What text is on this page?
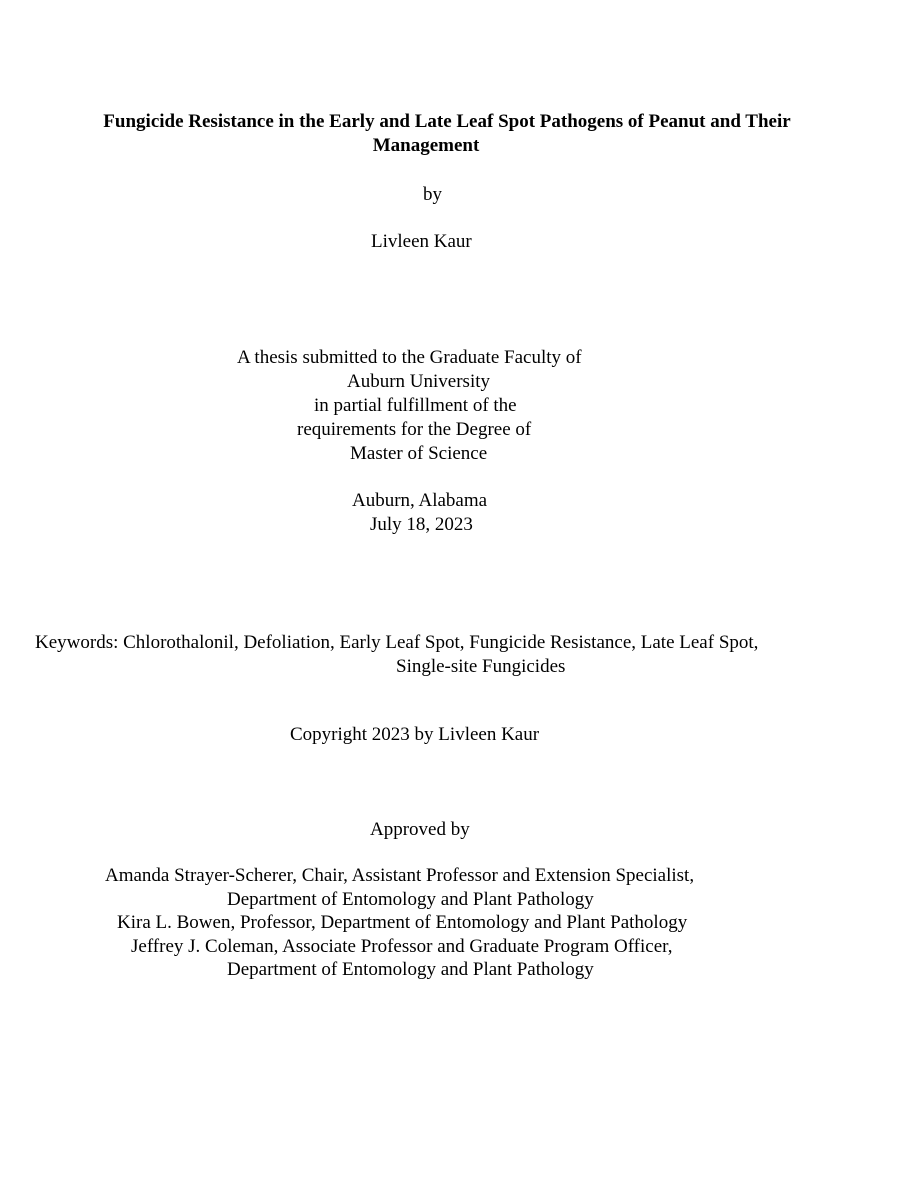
Fungicide Resistance in the Early and Late Leaf Spot Pathogens of Peanut and Their
Management
by
Livleen Kaur
A thesis submitted to the Graduate Faculty of
Auburn University
in partial fulfillment of the
requirements for the Degree of
Master of Science
Auburn, Alabama
July 18, 2023
Keywords: Chlorothalonil, Defoliation, Early Leaf Spot, Fungicide Resistance, Late Leaf Spot,
Single-site Fungicides
Copyright 2023 by Livleen Kaur
Approved by
Amanda Strayer-Scherer, Chair, Assistant Professor and Extension Specialist,
Department of Entomology and Plant Pathology
Kira L. Bowen, Professor, Department of Entomology and Plant Pathology
Jeffrey J. Coleman, Associate Professor and Graduate Program Officer,
Department of Entomology and Plant Pathology
